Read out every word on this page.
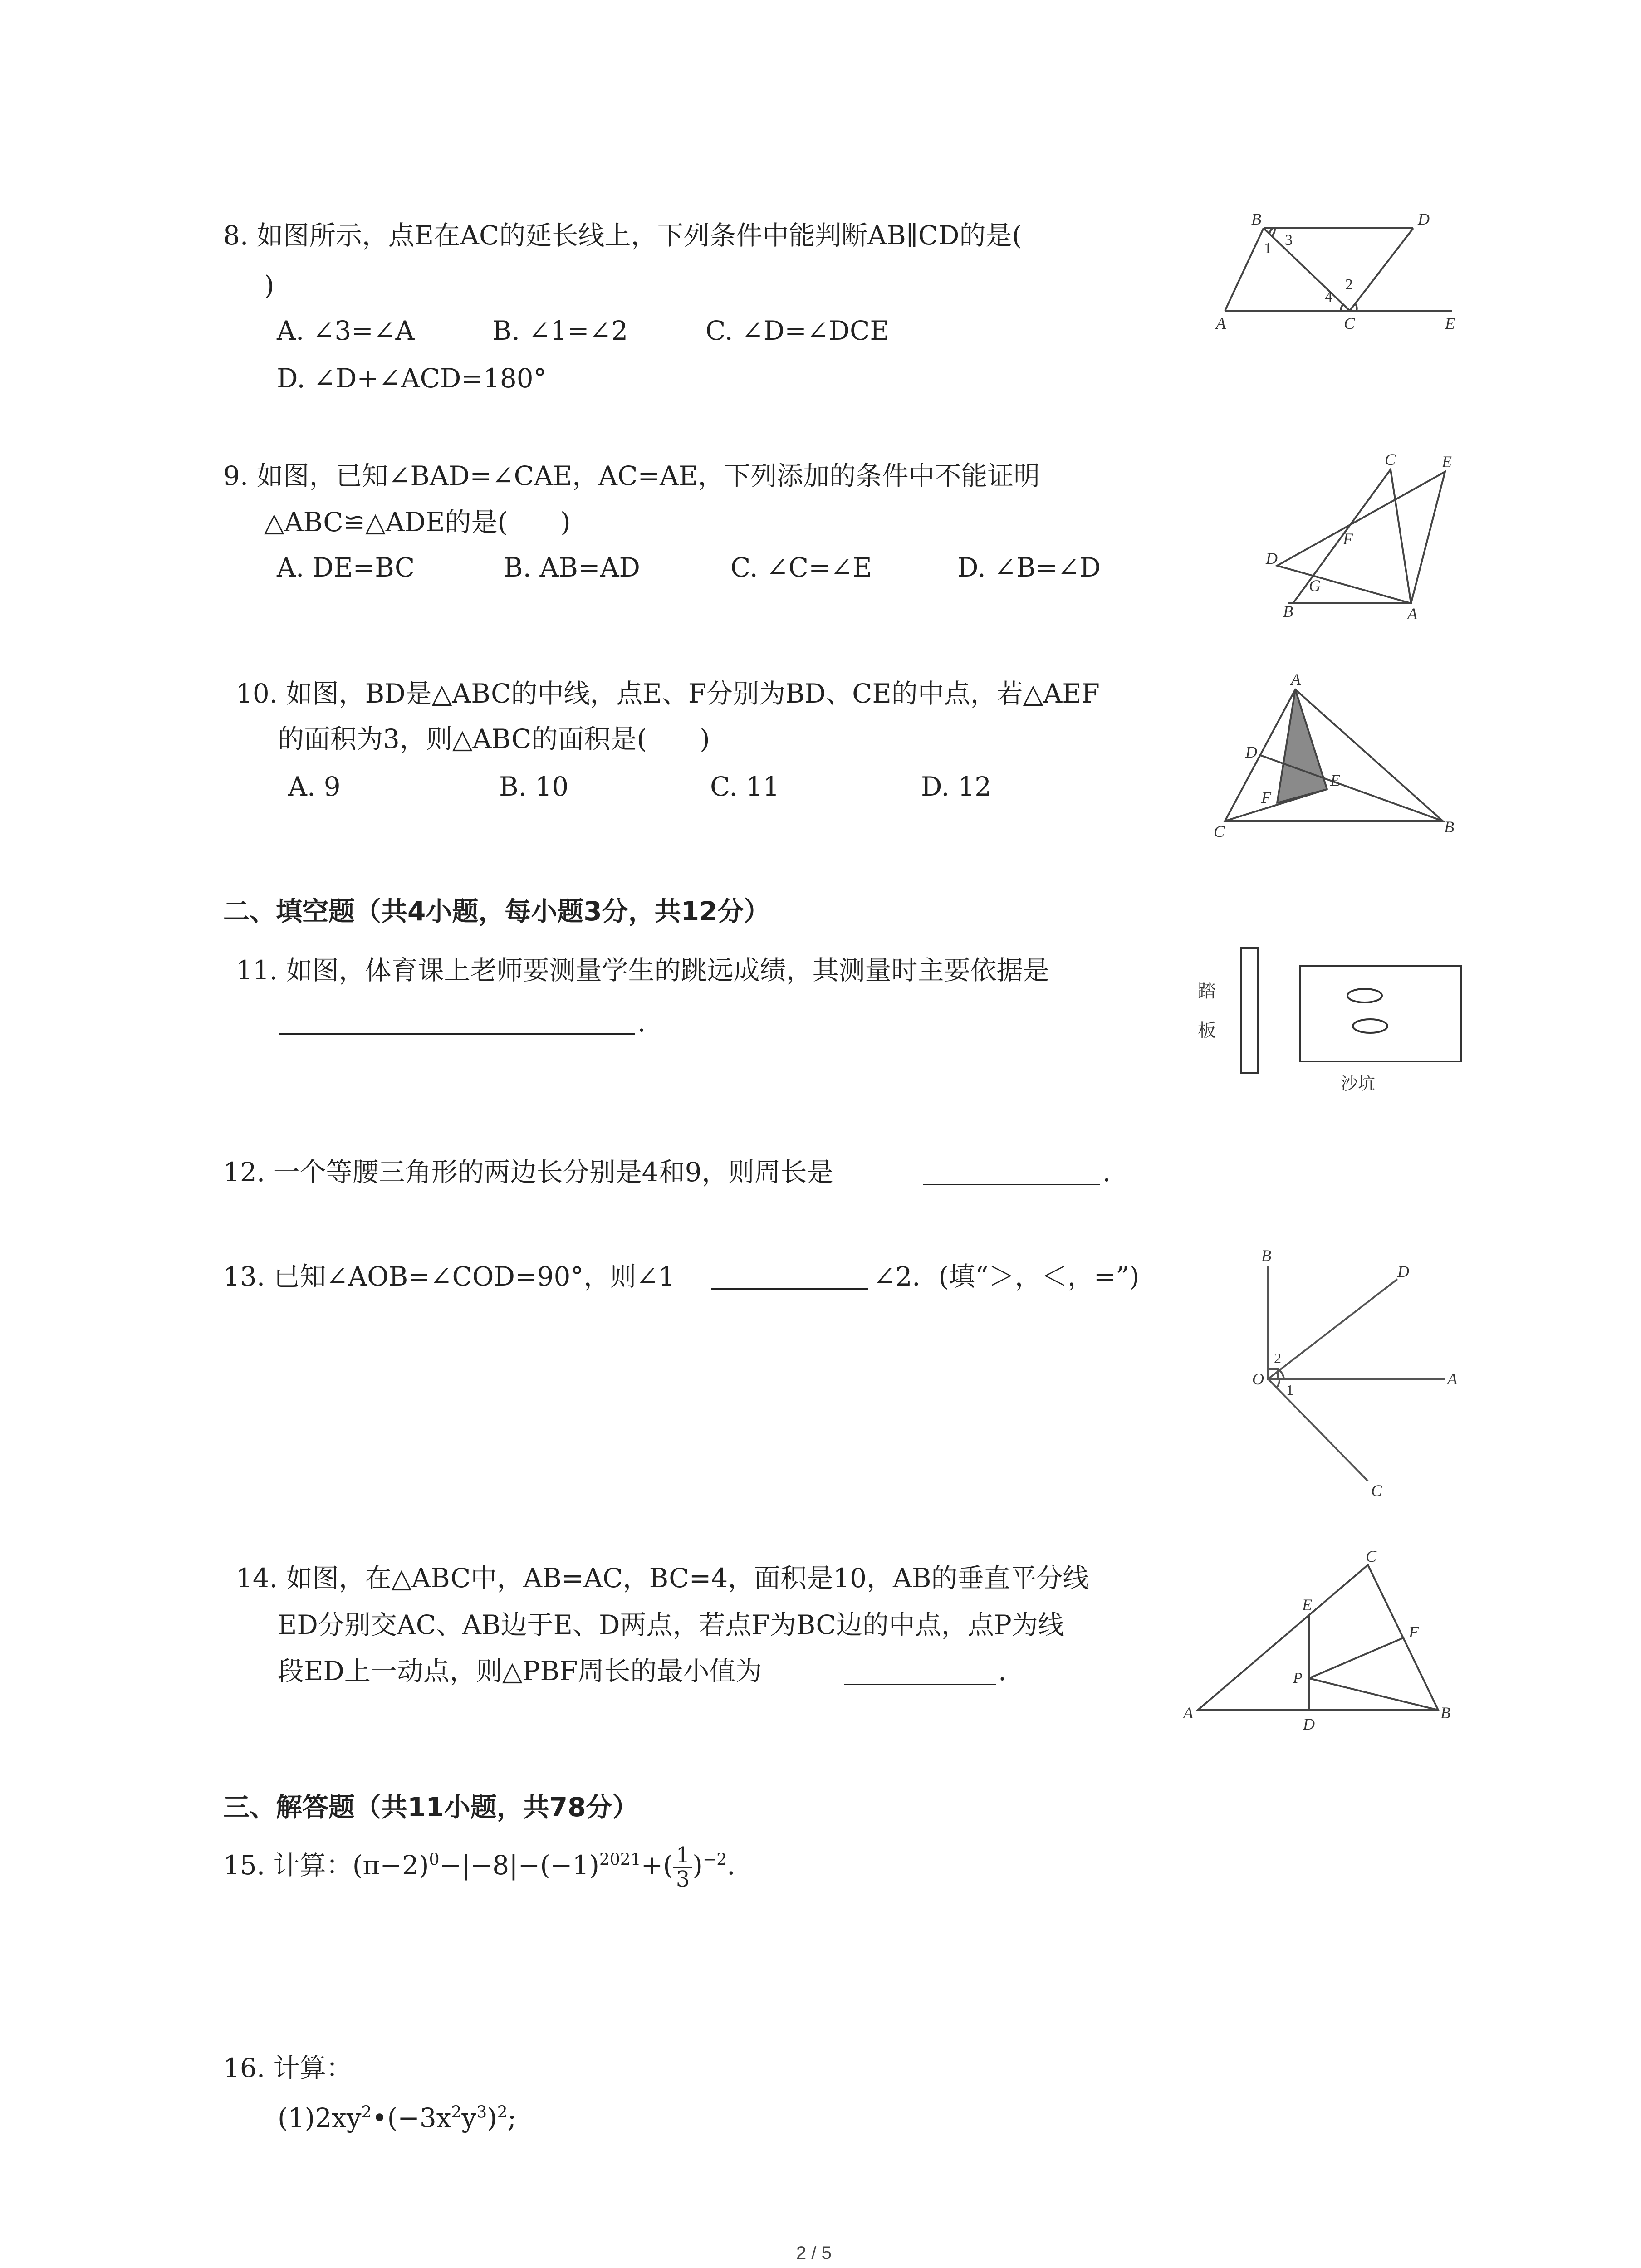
8. 如图所示，点E在AC的延长线上，下列条件中能判断AB∥CD的是(
)
A. ∠3=∠A	B. ∠1=∠2	C. ∠D=∠DCE
D. ∠D+∠ACD=180°
B	D
3
1
2
4
A	C	E
9. 如图，已知∠BAD=∠CAE，AC=AE，下列添加的条件中不能证明
△ABC≌△ADE的是(　　)
A. DE=BC	B. AB=AD	C. ∠C=∠E	D. ∠B=∠D
C	E
F
D
G
B	A
10. 如图，BD是△ABC的中线，点E、F分别为BD、CE的中点，若△AEF
的面积为3，则△ABC的面积是(　　)
A. 9	B. 10	C. 11	D. 12
A
D
E
F
C	B
二、填空题（共4小题，每小题3分，共12分）
11. 如图，体育课上老师要测量学生的跳远成绩，其测量时主要依据是
.
踏
板
沙坑
12. 一个等腰三角形的两边长分别是4和9，则周长是	.
13. 已知∠AOB=∠COD=90°，则∠1	∠2．(填“＞，＜，=”)
B
D
2
O
1
A
C
14. 如图，在△ABC中，AB=AC，BC=4，面积是10，AB的垂直平分线
ED分别交AC、AB边于E、D两点，若点F为BC边的中点，点P为线
段ED上一动点，则△PBF周长的最小值为	.
C
E
F
P
A
D
B
三、解答题（共11小题，共78分）
15. 计算：$(\pi-2)^0-|-8|-(-1)^{2021}+( \frac{1}{3} )^{-2}$.
16. 计算：
$(1)2xy^2•(-3x^2y^3)^2$;
2 / 5
